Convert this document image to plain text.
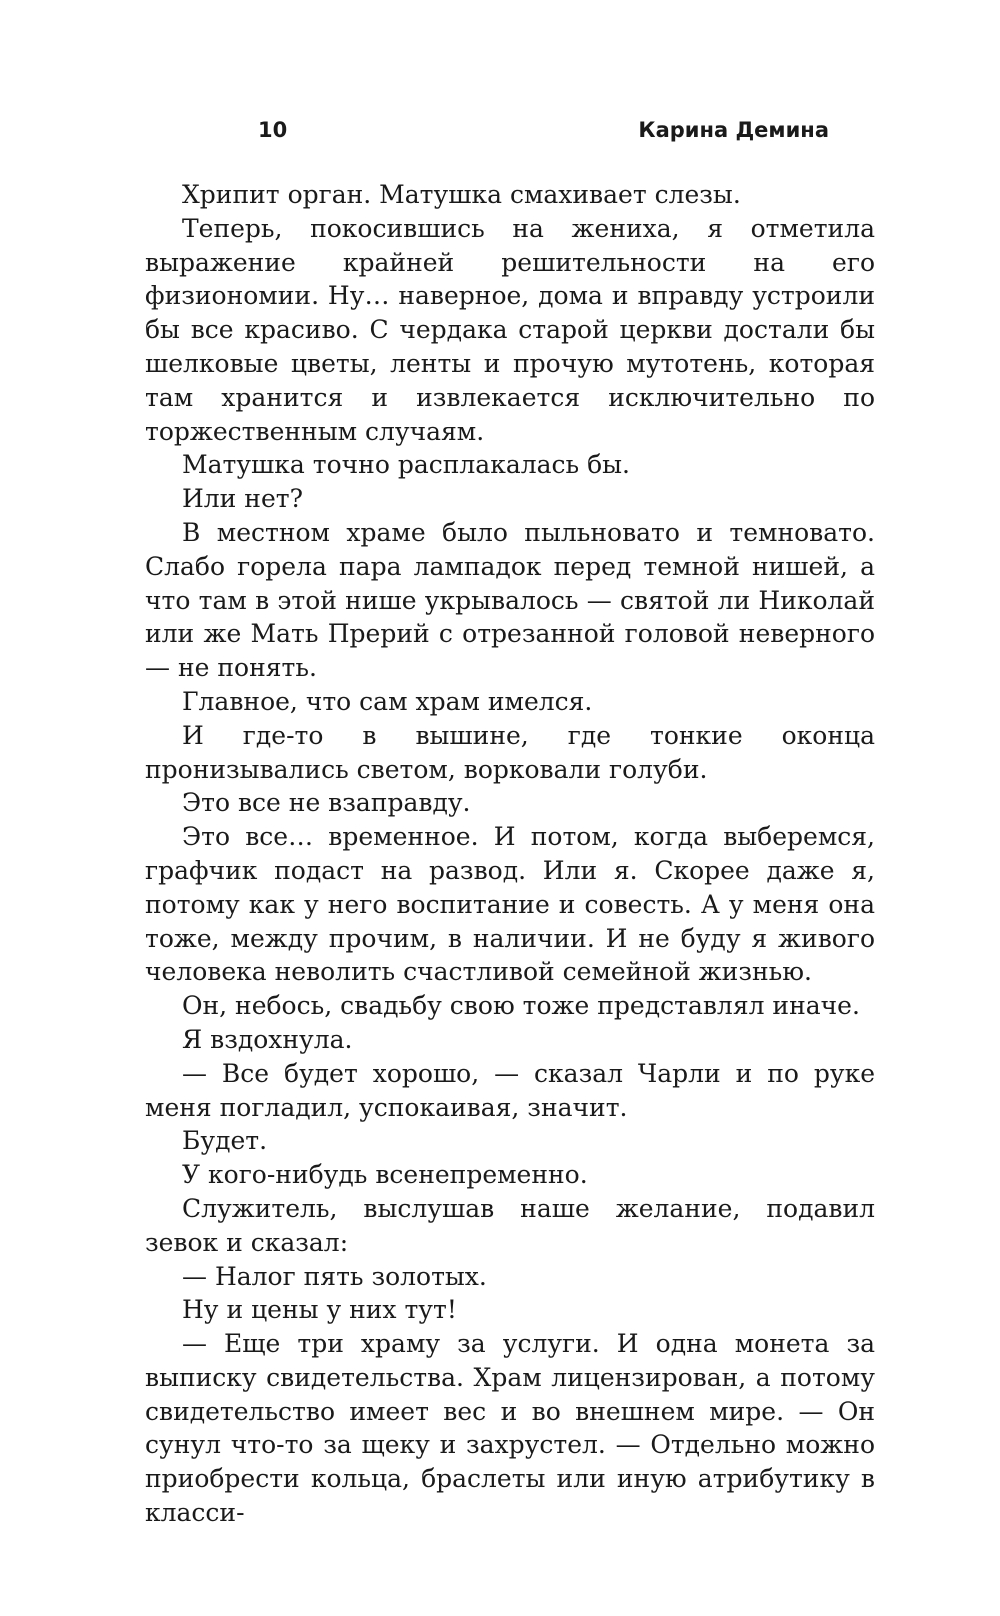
10	Карина Демина

Хрипит орган. Матушка смахивает слезы.

Теперь, покосившись на жениха, я отметила выражение крайней решительности на его физиономии. Ну… наверное, дома и вправду устроили бы все красиво. С чердака старой церкви достали бы шелковые цветы, ленты и прочую мутотень, которая там хранится и извлекается исключительно по торжественным случаям.

Матушка точно расплакалась бы.

Или нет?

В местном храме было пыльновато и темновато. Слабо горела пара лампадок перед темной нишей, а что там в этой нише укрывалось — святой ли Николай или же Мать Прерий с отрезанной головой неверного — не понять.

Главное, что сам храм имелся.

И где-то в вышине, где тонкие оконца пронизывались светом, ворковали голуби.

Это все не взаправду.

Это все… временное. И потом, когда выберемся, графчик подаст на развод. Или я. Скорее даже я, потому как у него воспитание и совесть. А у меня она тоже, между прочим, в наличии. И не буду я живого человека неволить счастливой семейной жизнью.

Он, небось, свадьбу свою тоже представлял иначе.

Я вздохнула.

— Все будет хорошо, — сказал Чарли и по руке меня погладил, успокаивая, значит.

Будет.

У кого-нибудь всенепременно.

Служитель, выслушав наше желание, подавил зевок и сказал:

— Налог пять золотых.

Ну и цены у них тут!

— Еще три храму за услуги. И одна монета за выписку свидетельства. Храм лицензирован, а потому свидетельство имеет вес и во внешнем мире. — Он сунул что-то за щеку и захрустел. — Отдельно можно приобрести кольца, браслеты или иную атрибутику в класси-
